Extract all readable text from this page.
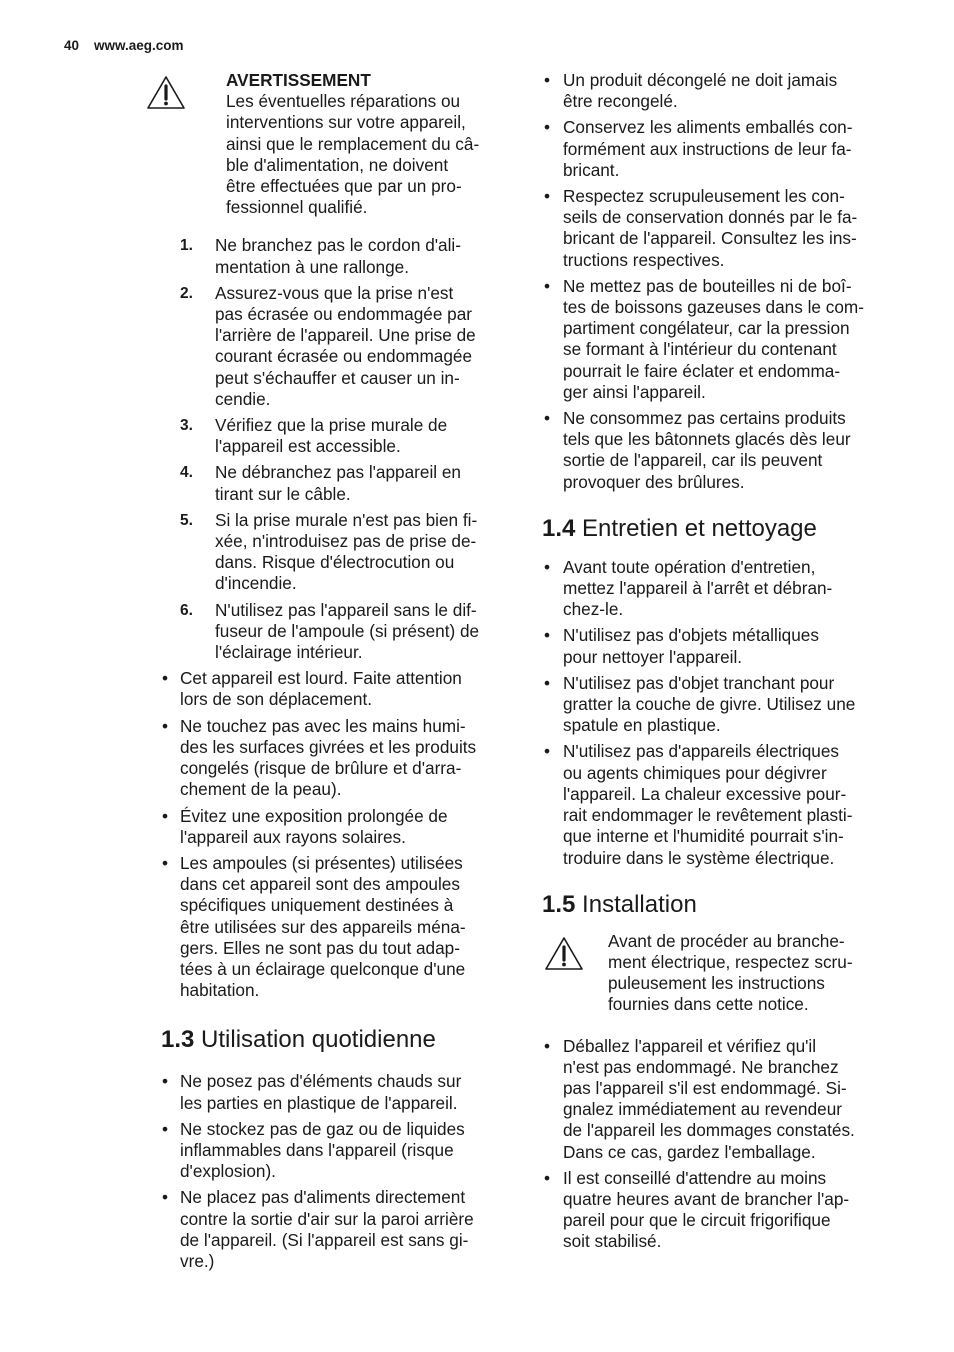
40 www.aeg.com
AVERTISSEMENT
Les éventuelles réparations ou
interventions sur votre appareil,
ainsi que le remplacement du câ-
ble d'alimentation, ne doivent
être effectuées que par un pro-
fessionnel qualifié.
1. Ne branchez pas le cordon d'ali-
mentation à une rallonge.
2. Assurez-vous que la prise n'est
pas écrasée ou endommagée par
l'arrière de l'appareil. Une prise de
courant écrasée ou endommagée
peut s'échauffer et causer un in-
cendie.
3. Vérifiez que la prise murale de
l'appareil est accessible.
4. Ne débranchez pas l'appareil en
tirant sur le câble.
5. Si la prise murale n'est pas bien fi-
xée, n'introduisez pas de prise de-
dans. Risque d'électrocution ou
d'incendie.
6. N'utilisez pas l'appareil sans le dif-
fuseur de l'ampoule (si présent) de
l'éclairage intérieur.
• Cet appareil est lourd. Faite attention
lors de son déplacement.
• Ne touchez pas avec les mains humi-
des les surfaces givrées et les produits
congelés (risque de brûlure et d'arra-
chement de la peau).
• Évitez une exposition prolongée de
l'appareil aux rayons solaires.
• Les ampoules (si présentes) utilisées
dans cet appareil sont des ampoules
spécifiques uniquement destinées à
être utilisées sur des appareils ména-
gers. Elles ne sont pas du tout adap-
tées à un éclairage quelconque d'une
habitation.
1.3 Utilisation quotidienne
• Ne posez pas d'éléments chauds sur
les parties en plastique de l'appareil.
• Ne stockez pas de gaz ou de liquides
inflammables dans l'appareil (risque
d'explosion).
• Ne placez pas d'aliments directement
contre la sortie d'air sur la paroi arrière
de l'appareil. (Si l'appareil est sans gi-
vre.)
• Un produit décongelé ne doit jamais
être recongelé.
• Conservez les aliments emballés con-
formément aux instructions de leur fa-
bricant.
• Respectez scrupuleusement les con-
seils de conservation donnés par le fa-
bricant de l'appareil. Consultez les ins-
tructions respectives.
• Ne mettez pas de bouteilles ni de boî-
tes de boissons gazeuses dans le com-
partiment congélateur, car la pression
se formant à l'intérieur du contenant
pourrait le faire éclater et endomma-
ger ainsi l'appareil.
• Ne consommez pas certains produits
tels que les bâtonnets glacés dès leur
sortie de l'appareil, car ils peuvent
provoquer des brûlures.
1.4 Entretien et nettoyage
• Avant toute opération d'entretien,
mettez l'appareil à l'arrêt et débran-
chez-le.
• N'utilisez pas d'objets métalliques
pour nettoyer l'appareil.
• N'utilisez pas d'objet tranchant pour
gratter la couche de givre. Utilisez une
spatule en plastique.
• N'utilisez pas d'appareils électriques
ou agents chimiques pour dégivrer
l'appareil. La chaleur excessive pour-
rait endommager le revêtement plasti-
que interne et l'humidité pourrait s'in-
troduire dans le système électrique.
1.5 Installation
Avant de procéder au branche-
ment électrique, respectez scru-
puleusement les instructions
fournies dans cette notice.
• Déballez l'appareil et vérifiez qu'il
n'est pas endommagé. Ne branchez
pas l'appareil s'il est endommagé. Si-
gnalez immédiatement au revendeur
de l'appareil les dommages constatés.
Dans ce cas, gardez l'emballage.
• Il est conseillé d'attendre au moins
quatre heures avant de brancher l'ap-
pareil pour que le circuit frigorifique
soit stabilisé.
